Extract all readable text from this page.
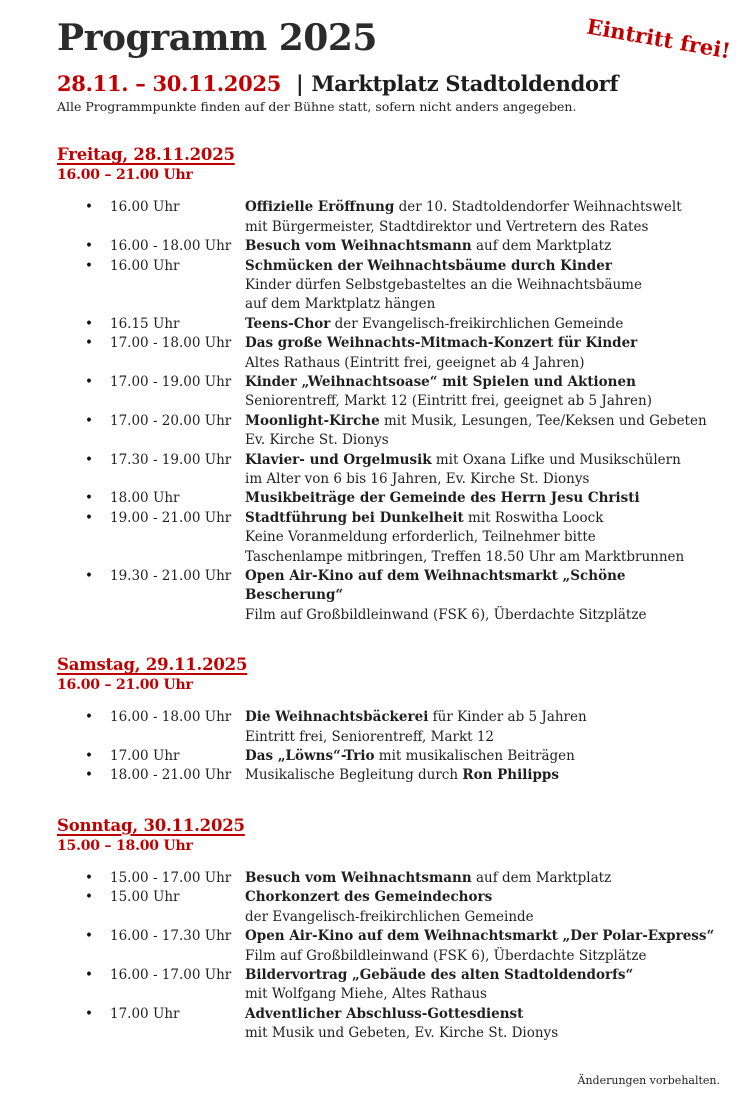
Eintritt frei!
Programm 2025
28.11. – 30.11.2025 | Marktplatz Stadtoldendorf
Alle Programmpunkte finden auf der Bühne statt, sofern nicht anders angegeben.
Freitag, 28.11.2025
16.00 – 21.00 Uhr
•	16.00 Uhr	Offizielle Eröffnung der 10. Stadtoldendorfer Weihnachtswelt
mit Bürgermeister, Stadtdirektor und Vertretern des Rates
•	16.00 - 18.00 Uhr	Besuch vom Weihnachtsmann auf dem Marktplatz
•	16.00 Uhr	Schmücken der Weihnachtsbäume durch Kinder
Kinder dürfen Selbstgebasteltes an die Weihnachtsbäume
auf dem Marktplatz hängen
•	16.15 Uhr	Teens-Chor der Evangelisch-freikirchlichen Gemeinde
•	17.00 - 18.00 Uhr	Das große Weihnachts-Mitmach-Konzert für Kinder
Altes Rathaus (Eintritt frei, geeignet ab 4 Jahren)
•	17.00 - 19.00 Uhr	Kinder „Weihnachtsoase“ mit Spielen und Aktionen
Seniorentreff, Markt 12 (Eintritt frei, geeignet ab 5 Jahren)
•	17.00 - 20.00 Uhr	Moonlight-Kirche mit Musik, Lesungen, Tee/Keksen und Gebeten
Ev. Kirche St. Dionys
•	17.30 - 19.00 Uhr	Klavier- und Orgelmusik mit Oxana Lifke und Musikschülern
im Alter von 6 bis 16 Jahren, Ev. Kirche St. Dionys
•	18.00 Uhr	Musikbeiträge der Gemeinde des Herrn Jesu Christi
•	19.00 - 21.00 Uhr	Stadtführung bei Dunkelheit mit Roswitha Loock
Keine Voranmeldung erforderlich, Teilnehmer bitte
Taschenlampe mitbringen, Treffen 18.50 Uhr am Marktbrunnen
•	19.30 - 21.00 Uhr	Open Air-Kino auf dem Weihnachtsmarkt „Schöne Bescherung“
Film auf Großbildleinwand (FSK 6), Überdachte Sitzplätze
Samstag, 29.11.2025
16.00 – 21.00 Uhr
•	16.00 - 18.00 Uhr	Die Weihnachtsbäckerei für Kinder ab 5 Jahren
Eintritt frei, Seniorentreff, Markt 12
•	17.00 Uhr	Das „Löwns“-Trio mit musikalischen Beiträgen
•	18.00 - 21.00 Uhr	Musikalische Begleitung durch Ron Philipps
Sonntag, 30.11.2025
15.00 – 18.00 Uhr
•	15.00 - 17.00 Uhr	Besuch vom Weihnachtsmann auf dem Marktplatz
•	15.00 Uhr	Chorkonzert des Gemeindechors
der Evangelisch-freikirchlichen Gemeinde
•	16.00 - 17.30 Uhr	Open Air-Kino auf dem Weihnachtsmarkt „Der Polar-Express“
Film auf Großbildleinwand (FSK 6), Überdachte Sitzplätze
•	16.00 - 17.00 Uhr	Bildervortrag „Gebäude des alten Stadtoldendorfs“
mit Wolfgang Miehe, Altes Rathaus
•	17.00 Uhr	Adventlicher Abschluss-Gottesdienst
mit Musik und Gebeten, Ev. Kirche St. Dionys
Änderungen vorbehalten.
